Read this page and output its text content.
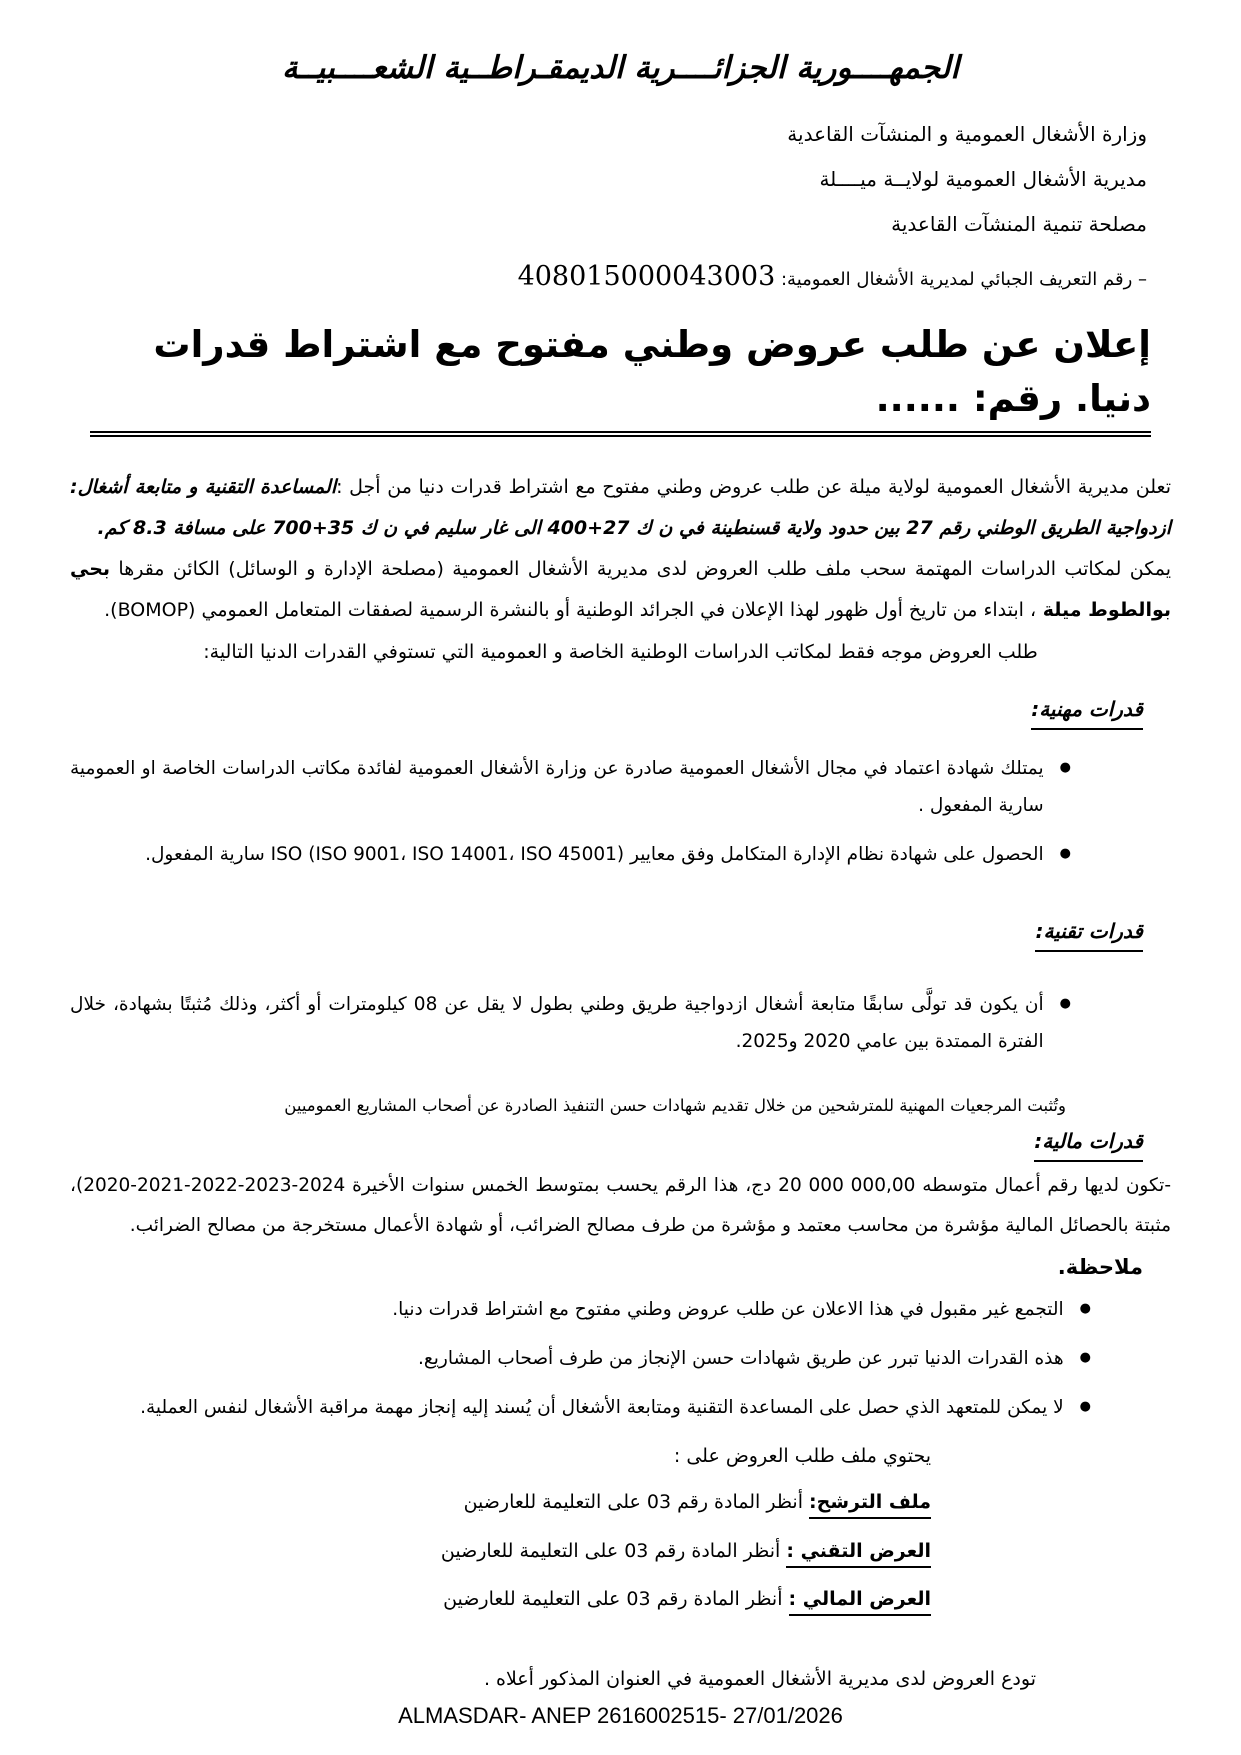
الجمهــــورية الجزائــــرية الديمقـراطــية الشعــــبيــة
وزارة الأشغال العمومية و المنشآت القاعدية
مديرية الأشغال العمومية لولايــة ميــــلة
مصلحة تنمية المنشآت القاعدية
– رقم التعريف الجبائي لمديرية الأشغال العمومية: 408015000043003
إعلان عن طلب عروض وطني مفتوح مع اشتراط قدرات دنيا. رقم: ......

تعلن مديرية الأشغال العمومية لولاية ميلة عن طلب عروض وطني مفتوح مع اشتراط قدرات دنيا من أجل :المساعدة التقنية و متابعة أشغال: ازدواجية الطريق الوطني رقم 27 بين حدود ولاية قسنطينة في ن ك 27+400 الى غار سليم في ن ك 35+700 على مسافة 8.3 كم.

يمكن لمكاتب الدراسات المهتمة سحب ملف طلب العروض لدى مديرية الأشغال العمومية (مصلحة الإدارة و الوسائل) الكائن مقرها بحي بوالطوط ميلة ، ابتداء من تاريخ أول ظهور لهذا الإعلان في الجرائد الوطنية أو بالنشرة الرسمية لصفقات المتعامل العمومي (BOMOP).

طلب العروض موجه فقط لمكاتب الدراسات الوطنية الخاصة و العمومية التي تستوفي القدرات الدنيا التالية:

قدرات مهنية:
●
يمتلك شهادة اعتماد في مجال الأشغال العمومية صادرة عن وزارة الأشغال العمومية لفائدة مكاتب الدراسات الخاصة او العمومية سارية المفعول .
●
الحصول على شهادة نظام الإدارة المتكامل وفق معايير ISO (ISO 9001، ISO 14001، ISO 45001) سارية المفعول.
قدرات تقنية:
●
أن يكون قد تولَّى سابقًا متابعة أشغال ازدواجية طريق وطني بطول لا يقل عن 08 كيلومترات أو أكثر، وذلك مُثبتًا بشهادة، خلال الفترة الممتدة بين عامي 2020 و2025.

وتُثبت المرجعيات المهنية للمترشحين من خلال تقديم شهادات حسن التنفيذ الصادرة عن أصحاب المشاريع العموميين

قدرات مالية:

-تكون لديها رقم أعمال متوسطه 20 000 000,00 دج، هذا الرقم يحسب بمتوسط الخمس سنوات الأخيرة 2020-2021-2022-2023-2024)، مثبتة بالحصائل المالية مؤشرة من محاسب معتمد و مؤشرة من طرف مصالح الضرائب، أو شهادة الأعمال مستخرجة من مصالح الضرائب.

ملاحظة.
●
التجمع غير مقبول في هذا الاعلان عن طلب عروض وطني مفتوح مع اشتراط قدرات دنيا.
●
هذه القدرات الدنيا تبرر عن طريق شهادات حسن الإنجاز من طرف أصحاب المشاريع.
●
لا يمكن للمتعهد الذي حصل على المساعدة التقنية ومتابعة الأشغال أن يُسند إليه إنجاز مهمة مراقبة الأشغال لنفس العملية.

يحتوي ملف طلب العروض على :

ملف الترشح: أنظر المادة رقم 03 على التعليمة للعارضين

العرض التقني : أنظر المادة رقم 03 على التعليمة للعارضين

العرض المالي : أنظر المادة رقم 03 على التعليمة للعارضين

تودع العروض لدى مديرية الأشغال العمومية في العنوان المذكور أعلاه .

ALMASDAR- ANEP 2616002515- 27/01/2026
